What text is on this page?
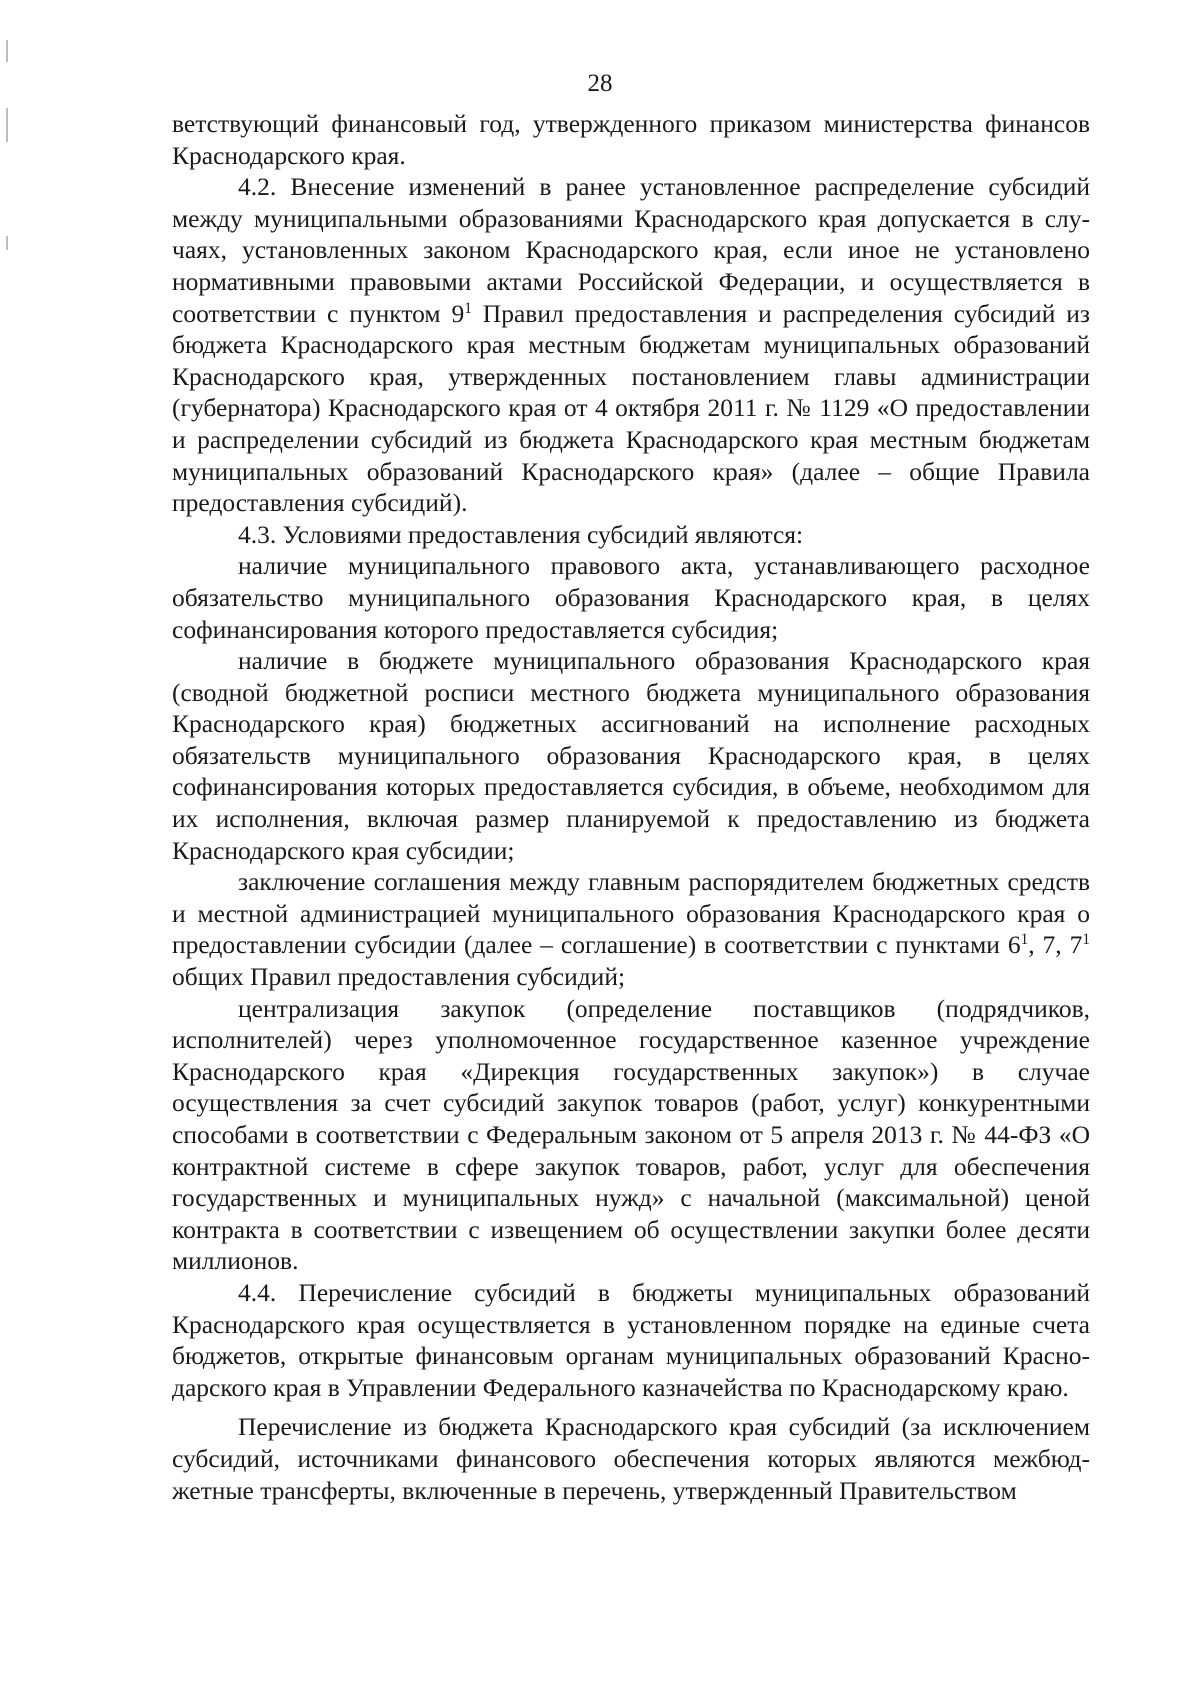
28

ветствующий финансовый год, утвержденного приказом министерства финансов Краснодарского края.

4.2. Внесение изменений в ранее установленное распределение субсидий между муниципальными образованиями Краснодарского края допускается в случаях, установленных законом Краснодарского края, если иное не установлено нормативными правовыми актами Российской Федерации, и осуществляется в соответствии с пунктом $9^1$ Правил предоставления и распределения субсидий из бюджета Краснодарского края местным бюджетам муниципальных образований Краснодарского края, утвержденных постановлением главы администрации (губернатора) Краснодарского края от 4 октября 2011 г. № 1129 «О предоставлении и распределении субсидий из бюджета Краснодарского края местным бюджетам муниципальных образований Краснодарского края» (далее – общие Правила предоставления субсидий).

4.3. Условиями предоставления субсидий являются:

наличие муниципального правового акта, устанавливающего расходное обязательство муниципального образования Краснодарского края, в целях софинансирования которого предоставляется субсидия;

наличие в бюджете муниципального образования Краснодарского края (сводной бюджетной росписи местного бюджета муниципального образования Краснодарского края) бюджетных ассигнований на исполнение расходных обязательств муниципального образования Краснодарского края, в целях софинансирования которых предоставляется субсидия, в объеме, необходимом для их исполнения, включая размер планируемой к предоставлению из бюджета Краснодарского края субсидии;

заключение соглашения между главным распорядителем бюджетных средств и местной администрацией муниципального образования Краснодарского края о предоставлении субсидии (далее – соглашение) в соответствии с пунктами $6^1$, 7, $7^1$ общих Правил предоставления субсидий;

централизация закупок (определение поставщиков (подрядчиков, исполнителей) через уполномоченное государственное казенное учреждение Краснодарского края «Дирекция государственных закупок») в случае осуществления за счет субсидий закупок товаров (работ, услуг) конкурентными способами в соответствии с Федеральным законом от 5 апреля 2013 г. № 44-ФЗ «О контрактной системе в сфере закупок товаров, работ, услуг для обеспечения государственных и муниципальных нужд» с начальной (максимальной) ценой контракта в соответствии с извещением об осуществлении закупки более десяти миллионов.

4.4. Перечисление субсидий в бюджеты муниципальных образований Краснодарского края осуществляется в установленном порядке на единые счета бюджетов, открытые финансовым органам муниципальных образований Краснодарского края в Управлении Федерального казначейства по Краснодарскому краю.

Перечисление из бюджета Краснодарского края субсидий (за исключением субсидий, источниками финансового обеспечения которых являются межбюджетные трансферты, включенные в перечень, утвержденный Правительством
